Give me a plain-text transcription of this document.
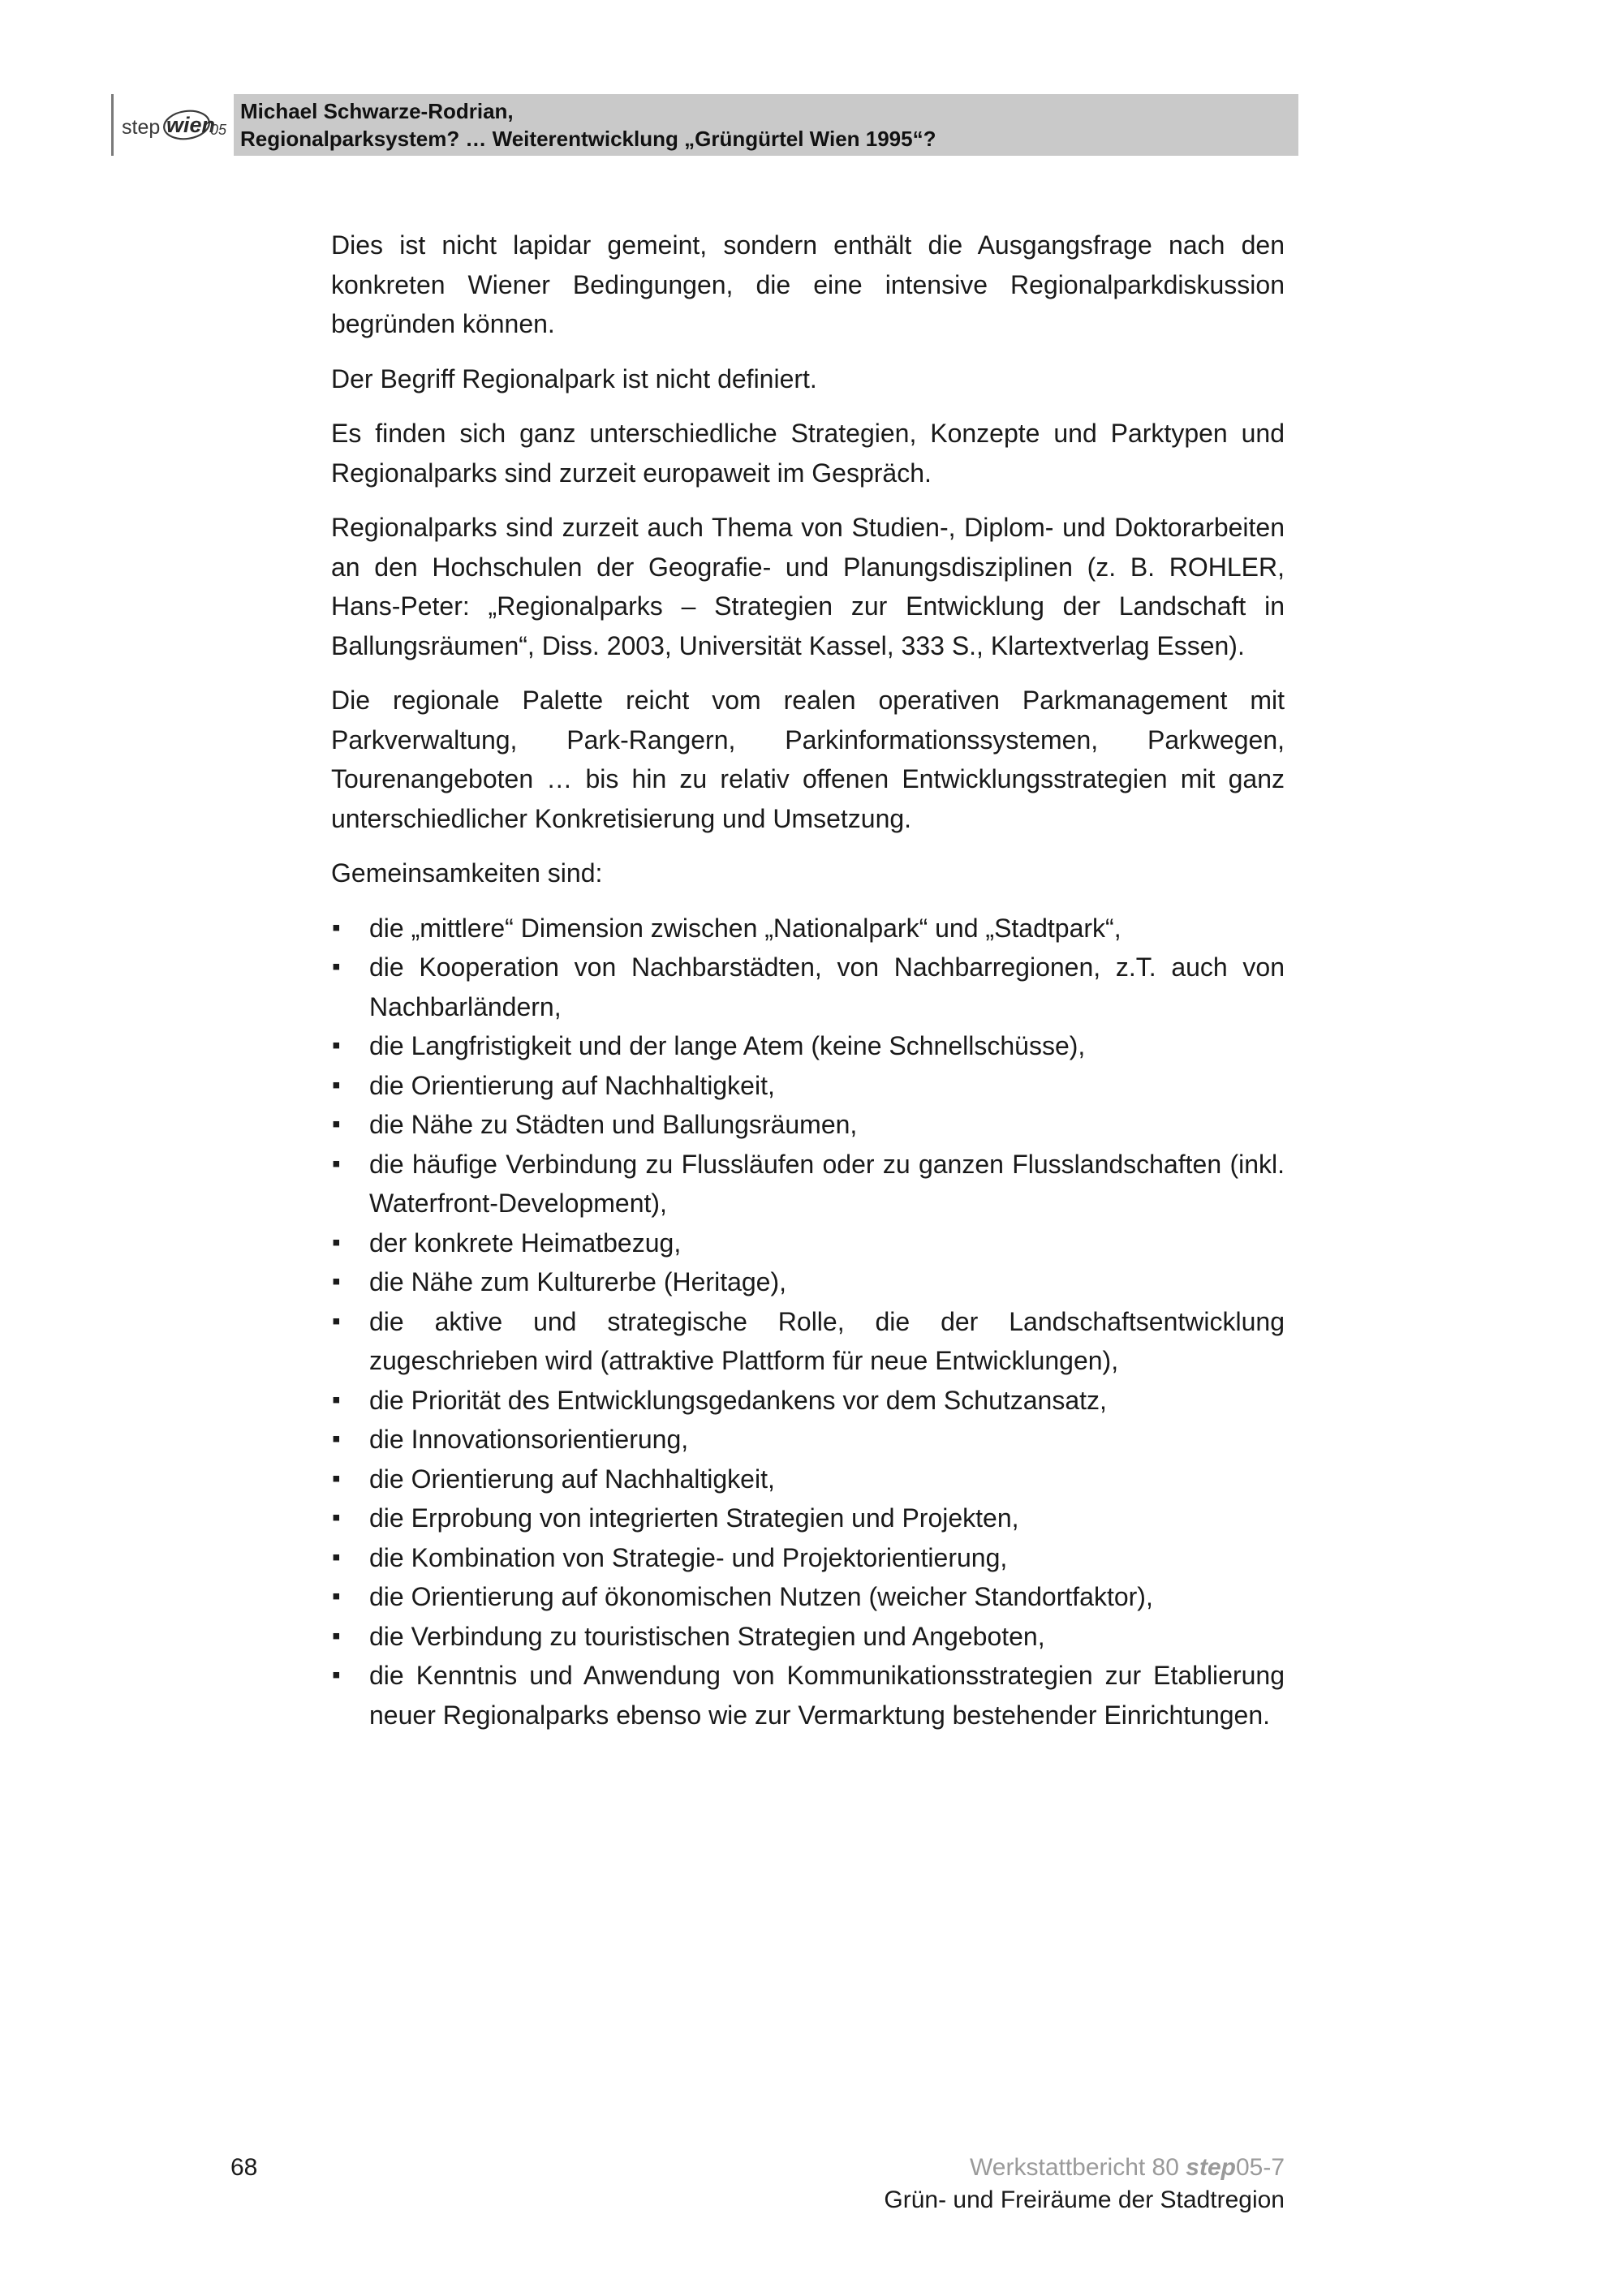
step wien
05
Michael Schwarze-Rodrian,
Regionalparksystem? … Weiterentwicklung „Grüngürtel Wien 1995“?

Dies ist nicht lapidar gemeint, sondern enthält die Ausgangsfrage nach den konkreten Wiener Bedingungen, die eine intensive Regionalparkdiskussion begründen können.

Der Begriff Regionalpark ist nicht definiert.

Es finden sich ganz unterschiedliche Strategien, Konzepte und Parktypen und Regionalparks sind zurzeit europaweit im Gespräch.

Regionalparks sind zurzeit auch Thema von Studien-, Diplom- und Doktorarbeiten an den Hochschulen der Geografie- und Planungsdisziplinen (z. B. ROHLER, Hans-Peter: „Regionalparks – Strategien zur Entwicklung der Landschaft in Ballungsräumen“, Diss. 2003, Universität Kassel, 333 S., Klartextverlag Essen).

Die regionale Palette reicht vom realen operativen Parkmanagement mit Parkverwaltung, Park-Rangern, Parkinformationssystemen, Parkwegen, Tourenangeboten … bis hin zu relativ offenen Entwicklungsstrategien mit ganz unterschiedlicher Konkretisierung und Umsetzung.

Gemeinsamkeiten sind:

▪ die „mittlere“ Dimension zwischen „Nationalpark“ und „Stadtpark“,
▪ die Kooperation von Nachbarstädten, von Nachbarregionen, z.T. auch von Nachbarländern,
▪ die Langfristigkeit und der lange Atem (keine Schnellschüsse),
▪ die Orientierung auf Nachhaltigkeit,
▪ die Nähe zu Städten und Ballungsräumen,
▪ die häufige Verbindung zu Flussläufen oder zu ganzen Flusslandschaften (inkl. Waterfront-Development),
▪ der konkrete Heimatbezug,
▪ die Nähe zum Kulturerbe (Heritage),
▪ die aktive und strategische Rolle, die der Landschaftsentwicklung zugeschrieben wird (attraktive Plattform für neue Entwicklungen),
▪ die Priorität des Entwicklungsgedankens vor dem Schutzansatz,
▪ die Innovationsorientierung,
▪ die Orientierung auf Nachhaltigkeit,
▪ die Erprobung von integrierten Strategien und Projekten,
▪ die Kombination von Strategie- und Projektorientierung,
▪ die Orientierung auf ökonomischen Nutzen (weicher Standortfaktor),
▪ die Verbindung zu touristischen Strategien und Angeboten,
▪ die Kenntnis und Anwendung von Kommunikationsstrategien zur Etablierung neuer Regionalparks ebenso wie zur Vermarktung bestehender Einrichtungen.
68	Werkstattbericht 80 step05-7
Grün- und Freiräume der Stadtregion
